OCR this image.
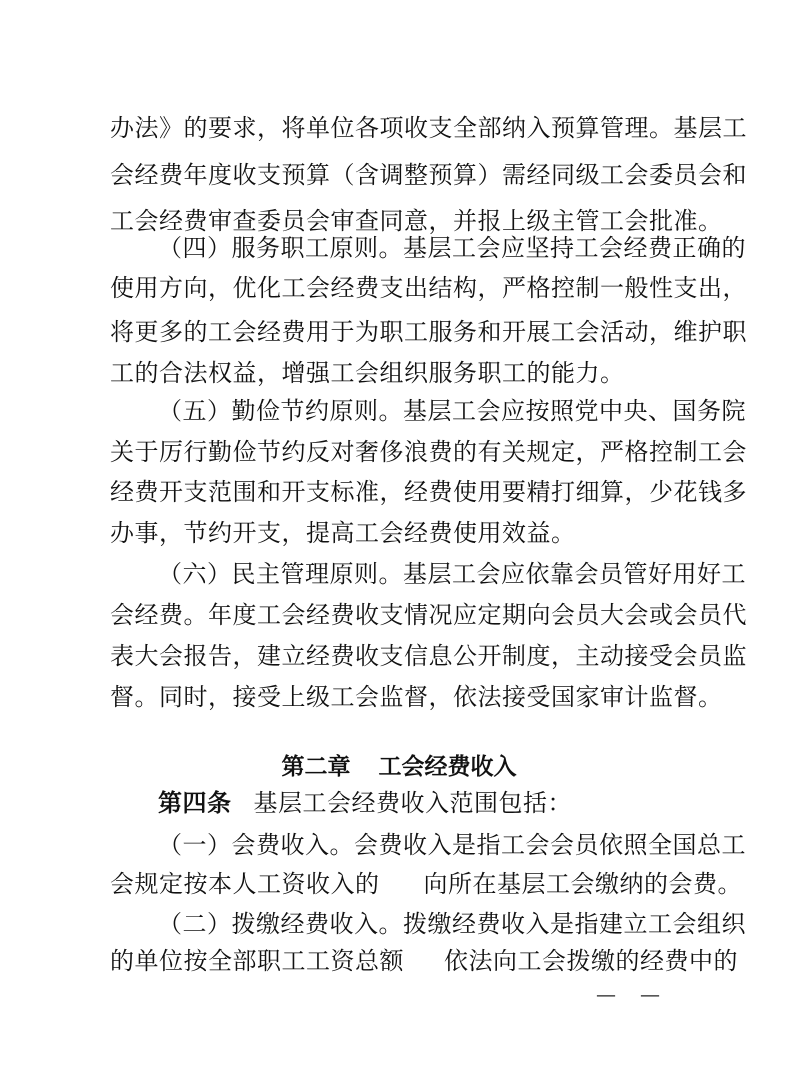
办法》的要求，将单位各项收支全部纳入预算管理。基层工
会经费年度收支预算（含调整预算）需经同级工会委员会和
工会经费审查委员会审查同意，并报上级主管工会批准。
（四）服务职工原则。基层工会应坚持工会经费正确的
使用方向，优化工会经费支出结构，严格控制一般性支出，
将更多的工会经费用于为职工服务和开展工会活动，维护职
工的合法权益，增强工会组织服务职工的能力。
（五）勤俭节约原则。基层工会应按照党中央、国务院
关于厉行勤俭节约反对奢侈浪费的有关规定，严格控制工会
经费开支范围和开支标准，经费使用要精打细算，少花钱多
办事，节约开支，提高工会经费使用效益。
（六）民主管理原则。基层工会应依靠会员管好用好工
会经费。年度工会经费收支情况应定期向会员大会或会员代
表大会报告，建立经费收支信息公开制度，主动接受会员监
督。同时，接受上级工会监督，依法接受国家审计监督。
第二章 工会经费收入
第四条 基层工会经费收入范围包括：
（一）会费收入。会费收入是指工会会员依照全国总工
会规定按本人工资收入的 向所在基层工会缴纳的会费。
（二）拨缴经费收入。拨缴经费收入是指建立工会组织
的单位按全部职工工资总额 依法向工会拨缴的经费中的
——
